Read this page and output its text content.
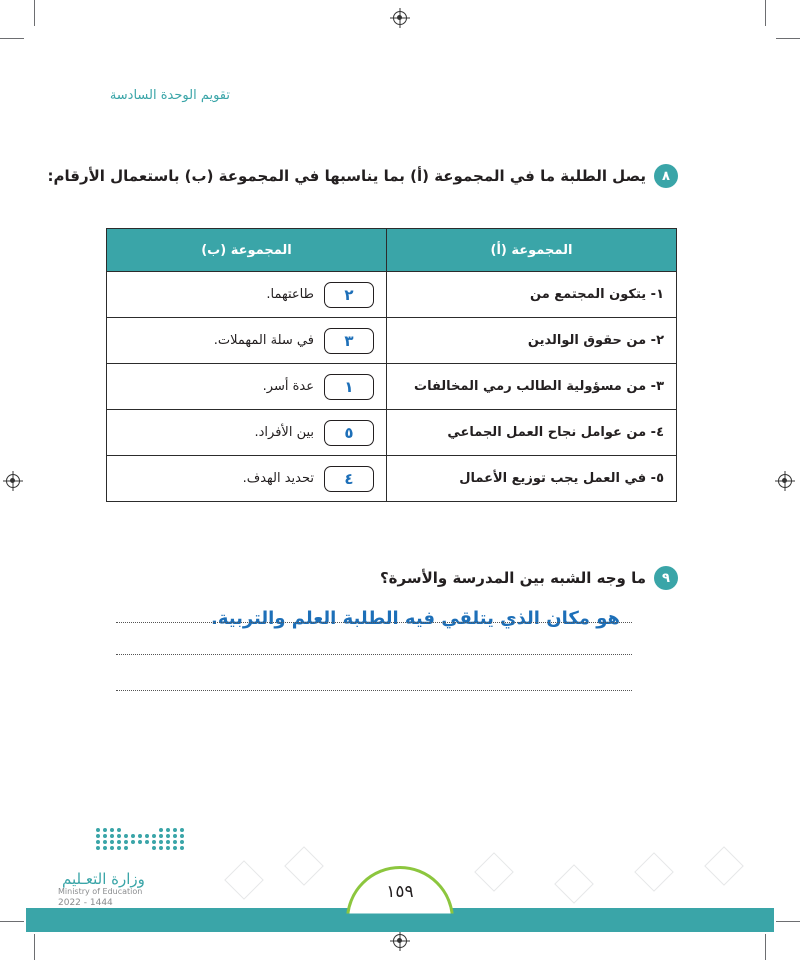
تقويم الوحدة السادسة
٨
يصل الطلبة ما في المجموعة (أ) بما يناسبها في المجموعة (ب) باستعمال الأرقام:
المجموعة (أ)	المجموعة (ب)
١- يتكون المجتمع من	طاعتهما. ٢

٢- من حقوق الوالدين	في سلة المهملات. ٣

٣- من مسؤولية الطالب رمي المخالفات	عدة أسر. ١

٤- من عوامل نجاح العمل الجماعي	بين الأفراد. ٥

٥- في العمل يجب توزيع الأعمال	تحديد الهدف. ٤
٩
ما وجه الشبه بين المدرسة والأسرة؟
هو مكان الذي يتلقي فيه الطلبة العلم والتربية.
١٥٩
وزارة التعـليم
Ministry of Education
2022 - 1444
